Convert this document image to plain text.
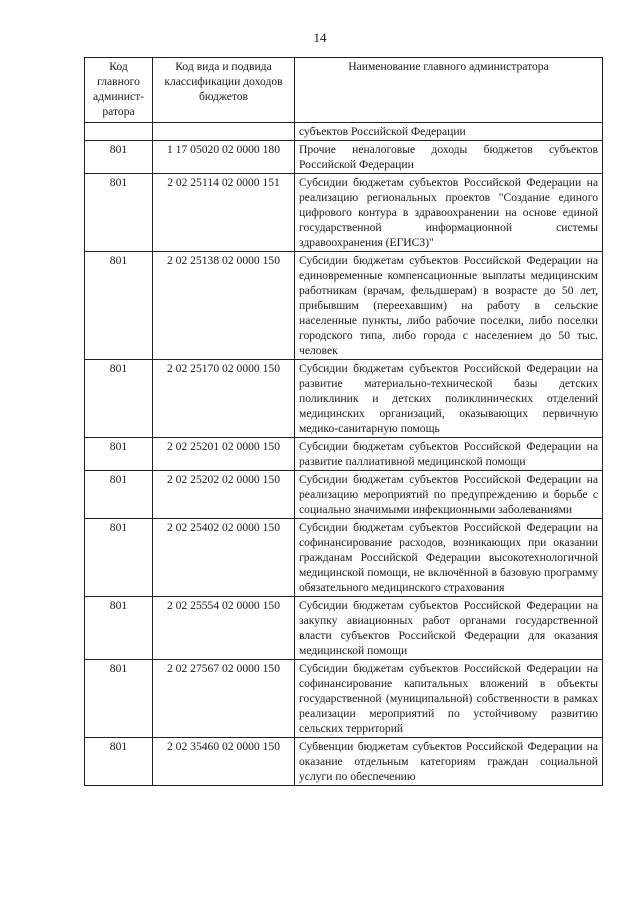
14
Код главного админист-ратора	Код вида и подвида классификации доходов бюджетов	Наименование главного администратора
		субъектов Российской Федерации
801	1 17 05020 02 0000 180	Прочие неналоговые доходы бюджетов субъектов Российской Федерации
801	2 02 25114 02 0000 151	Субсидии бюджетам субъектов Российской Федерации на реализацию региональных проектов "Создание единого цифрового контура в здравоохранении на основе единой государственной информационной системы здравоохранения (ЕГИСЗ)"
801	2 02 25138 02 0000 150	Субсидии бюджетам субъектов Российской Федерации на единовременные компенсационные выплаты медицинским работникам (врачам, фельдшерам) в возрасте до 50 лет, прибывшим (переехавшим) на работу в сельские населенные пункты, либо рабочие поселки, либо поселки городского типа, либо города с населением до 50 тыс. человек
801	2 02 25170 02 0000 150	Субсидии бюджетам субъектов Российской Федерации на развитие материально-технической базы детских поликлиник и детских поликлинических отделений медицинских организаций, оказывающих первичную медико-санитарную помощь
801	2 02 25201 02 0000 150	Субсидии бюджетам субъектов Российской Федерации на развитие паллиативной медицинской помощи
801	2 02 25202 02 0000 150	Субсидии бюджетам субъектов Российской Федерации на реализацию мероприятий по предупреждению и борьбе с социально значимыми инфекционными заболеваниями
801	2 02 25402 02 0000 150	Субсидии бюджетам субъектов Российской Федерации на софинансирование расходов, возникающих при оказании гражданам Российской Федерации высокотехнологичной медицинской помощи, не включённой в базовую программу обязательного медицинского страхования
801	2 02 25554 02 0000 150	Субсидии бюджетам субъектов Российской Федерации на закупку авиационных работ органами государственной власти субъектов Российской Федерации для оказания медицинской помощи
801	2 02 27567 02 0000 150	Субсидии бюджетам субъектов Российской Федерации на софинансирование капитальных вложений в объекты государственной (муниципальной) собственности в рамках реализации мероприятий по устойчивому развитию сельских территорий
801	2 02 35460 02 0000 150	Субвенции бюджетам субъектов Российской Федерации на оказание отдельным категориям граждан социальной услуги по обеспечению
